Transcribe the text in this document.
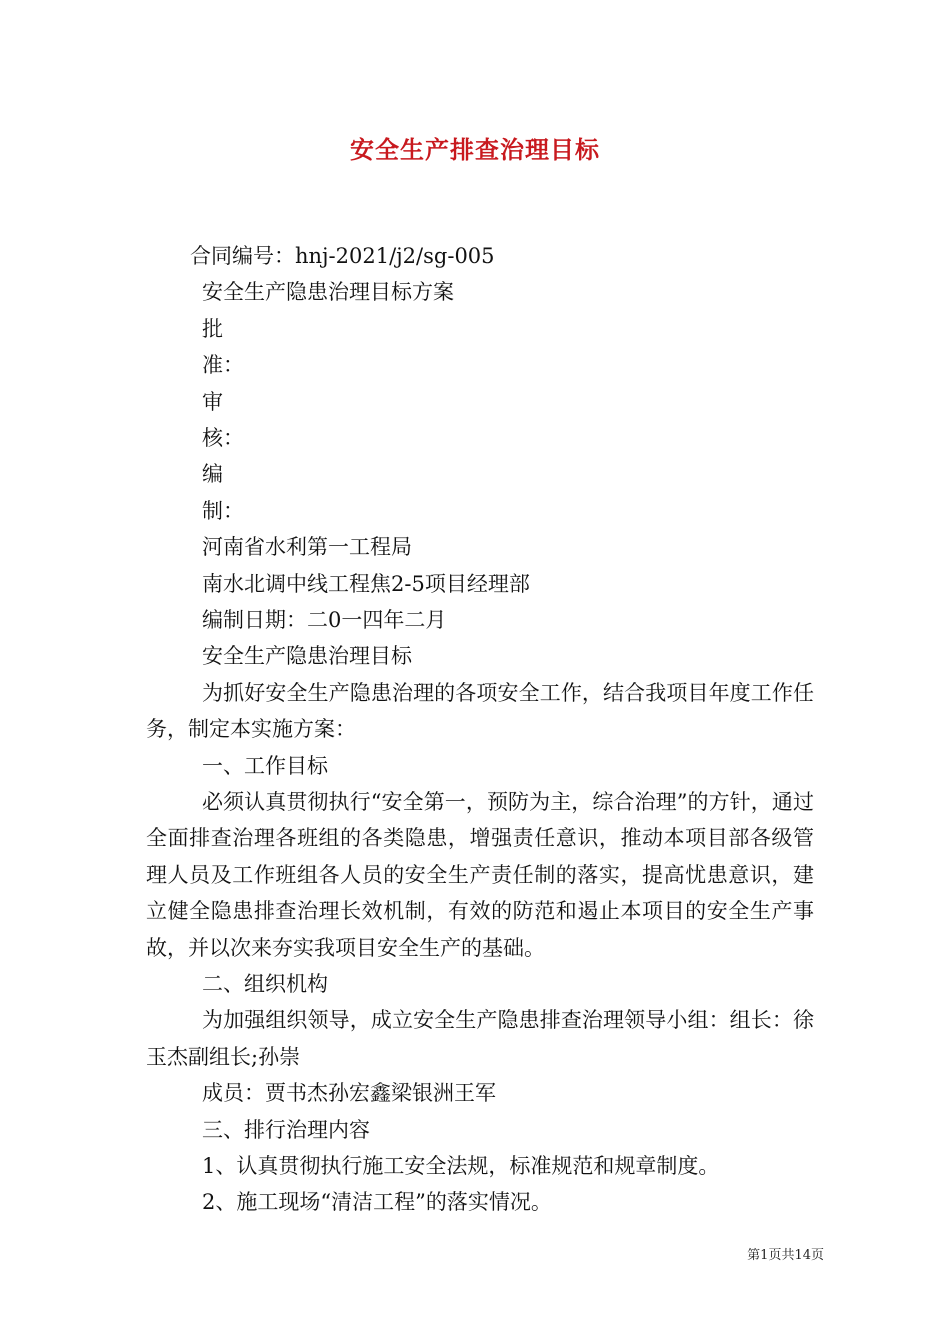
安全生产排查治理目标
合同编号：hnj-2021/j2/sg-005
安全生产隐患治理目标方案
批
准：
审
核：
编
制：
河南省水利第一工程局
南水北调中线工程焦2-5项目经理部
编制日期：二0一四年二月
安全生产隐患治理目标
为抓好安全生产隐患治理的各项安全工作，结合我项目年度工作任务，制定本实施方案：
一、工作目标
必须认真贯彻执行“安全第一，预防为主，综合治理”的方针，通过全面排查治理各班组的各类隐患，增强责任意识，推动本项目部各级管理人员及工作班组各人员的安全生产责任制的落实，提高忧患意识，建立健全隐患排查治理长效机制，有效的防范和遏止本项目的安全生产事故，并以次来夯实我项目安全生产的基础。
二、组织机构
为加强组织领导，成立安全生产隐患排查治理领导小组：组长：徐玉杰副组长;孙崇
成员：贾书杰孙宏鑫梁银洲王军
三、排行治理内容
1、认真贯彻执行施工安全法规，标准规范和规章制度。
2、施工现场“清洁工程”的落实情况。
第1页共14页
